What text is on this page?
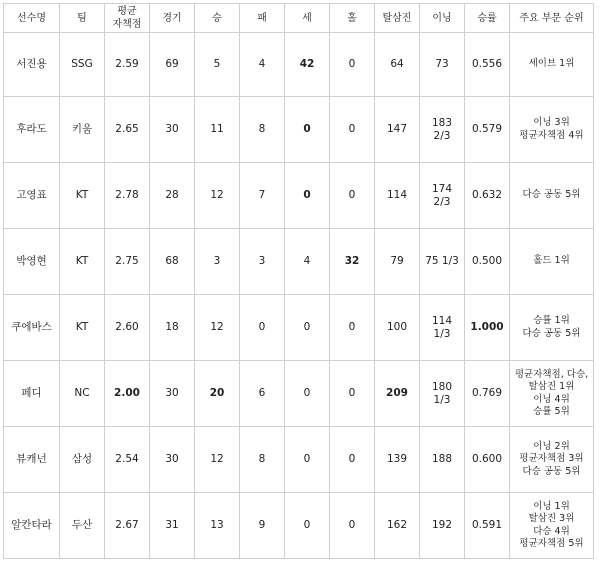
선수명	팀	평균
자책점	경기	승	패	세	홀	탈삼진	이닝	승률	주요 부문 순위
서진용	SSG	2.59	69	5	4	42	0	64	73	0.556	세이브 1위

후라도	키움	2.65	30	11	8	0	0	147	183 2/3	0.579	이닝 3위
평균자책점 4위

고영표	KT	2.78	28	12	7	0	0	114	174 2/3	0.632	다승 공동 5위

박영현	KT	2.75	68	3	3	4	32	79	75 1/3	0.500	홀드 1위

쿠에바스	KT	2.60	18	12	0	0	0	100	114 1/3	1.000	승률 1위
다승 공동 5위

페디	NC	2.00	30	20	6	0	0	209	180 1/3	0.769	평균자책점, 다승,
탈삼진 1위
이닝 4위
승률 5위

뷰캐넌	삼성	2.54	30	12	8	0	0	139	188	0.600	이닝 2위
평균자책점 3위
다승 공동 5위

알칸타라	두산	2.67	31	13	9	0	0	162	192	0.591	이닝 1위
탈삼진 3위
다승 4위
평균자책점 5위
